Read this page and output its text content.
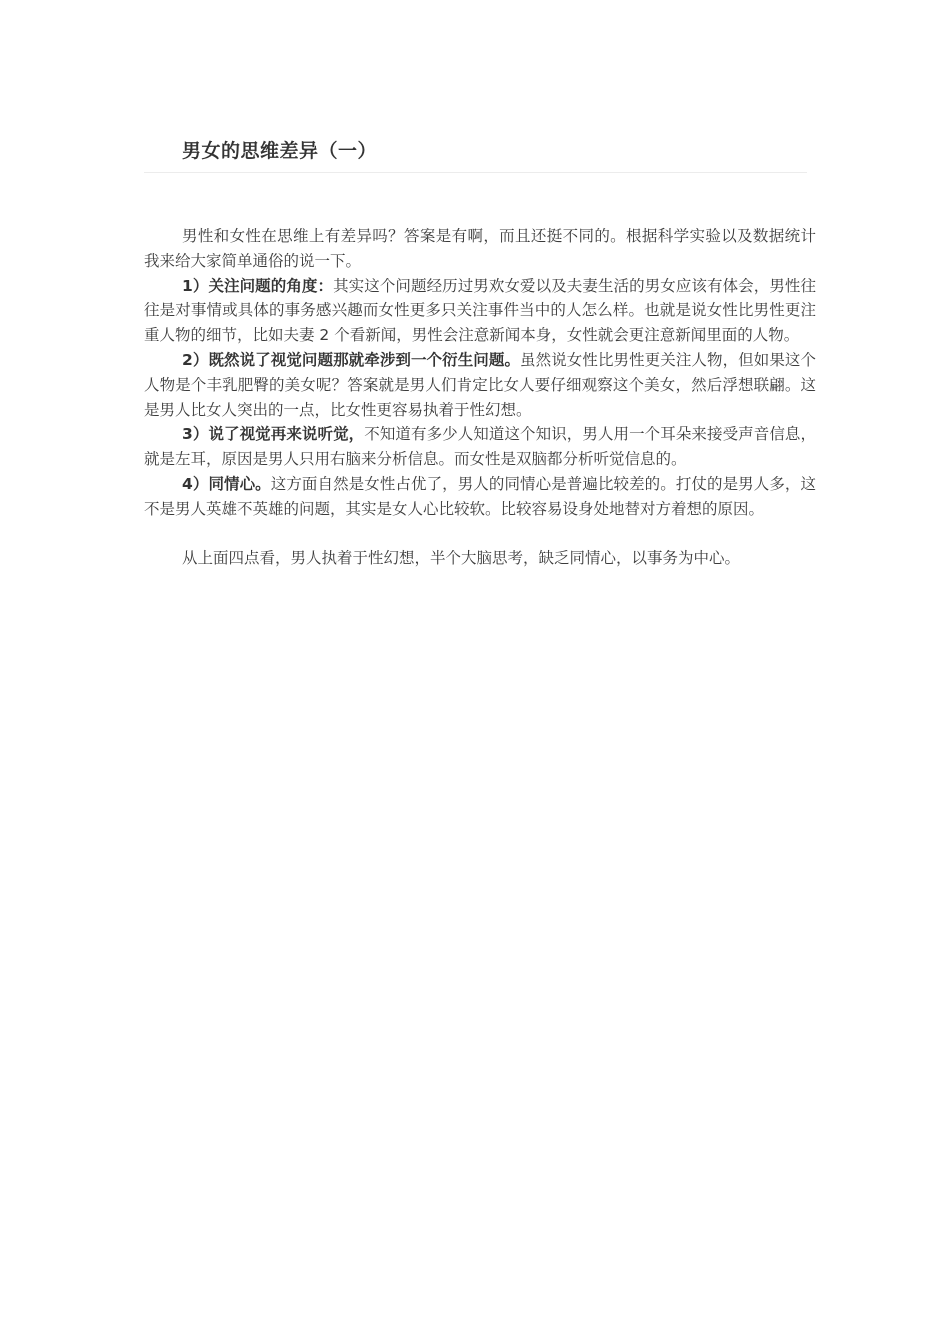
男女的思维差异（一）

男性和女性在思维上有差异吗？答案是有啊，而且还挺不同的。根据科学实验以及数据统计我来给大家简单通俗的说一下。

1）关注问题的角度：其实这个问题经历过男欢女爱以及夫妻生活的男女应该有体会，男性往往是对事情或具体的事务感兴趣而女性更多只关注事件当中的人怎么样。也就是说女性比男性更注重人物的细节，比如夫妻 2 个看新闻，男性会注意新闻本身，女性就会更注意新闻里面的人物。

2）既然说了视觉问题那就牵涉到一个衍生问题。虽然说女性比男性更关注人物，但如果这个人物是个丰乳肥臀的美女呢？答案就是男人们肯定比女人要仔细观察这个美女，然后浮想联翩。这是男人比女人突出的一点，比女性更容易执着于性幻想。

3）说了视觉再来说听觉，不知道有多少人知道这个知识，男人用一个耳朵来接受声音信息，就是左耳，原因是男人只用右脑来分析信息。而女性是双脑都分析听觉信息的。

4）同情心。这方面自然是女性占优了，男人的同情心是普遍比较差的。打仗的是男人多，这不是男人英雄不英雄的问题，其实是女人心比较软。比较容易设身处地替对方着想的原因。

从上面四点看，男人执着于性幻想，半个大脑思考，缺乏同情心，以事务为中心。
